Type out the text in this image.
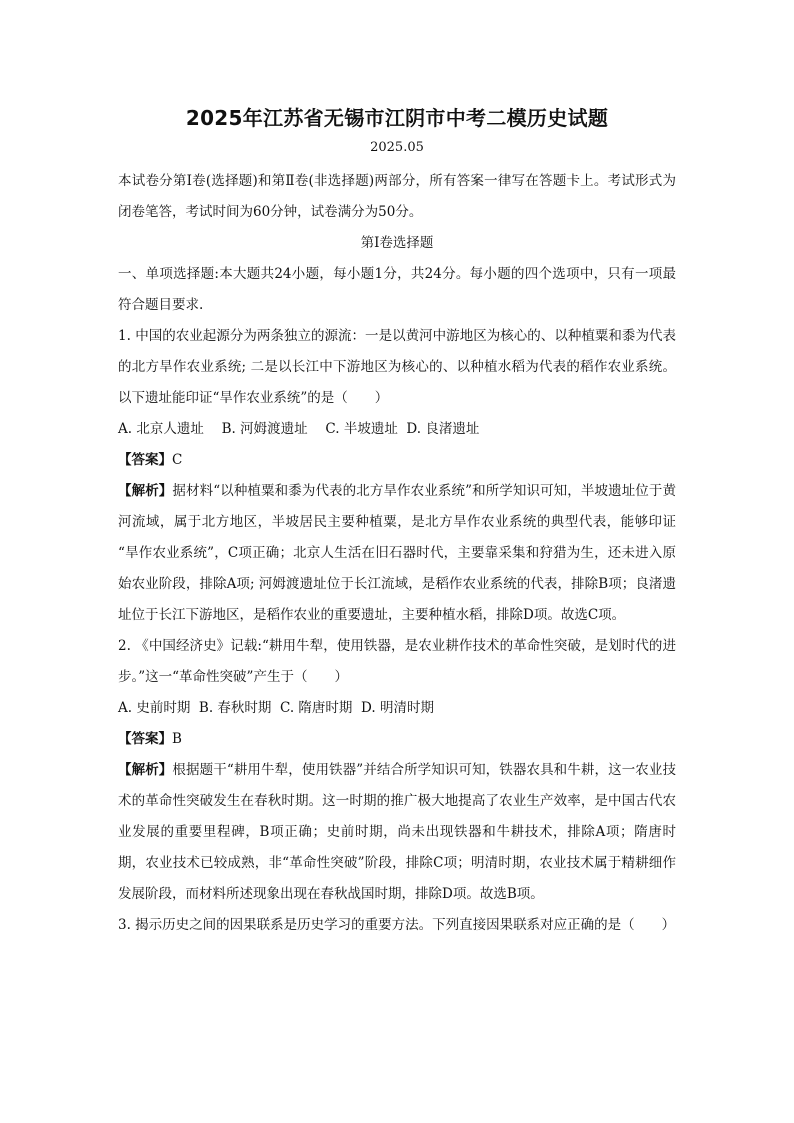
2025年江苏省无锡市江阴市中考二模历史试题
2025.05

本试卷分第Ⅰ卷(选择题)和第Ⅱ卷(非选择题)两部分，所有答案一律写在答题卡上。考试形式为闭卷笔答，考试时间为60分钟，试卷满分为50分。

第Ⅰ卷选择题

一、单项选择题:本大题共24小题，每小题1分，共24分。每小题的四个选项中，只有一项最符合题目要求.

1. 中国的农业起源分为两条独立的源流：一是以黄河中游地区为核心的、以种植粟和黍为代表的北方旱作农业系统; 二是以长江中下游地区为核心的、以种植水稻为代表的稻作农业系统。以下遗址能印证“旱作农业系统”的是（　　）

A. 北京人遗址　 B. 河姆渡遗址　 C. 半坡遗址  D. 良渚遗址

【答案】C

【解析】据材料“以种植粟和黍为代表的北方旱作农业系统”和所学知识可知，半坡遗址位于黄河流域，属于北方地区，半坡居民主要种植粟，是北方旱作农业系统的典型代表，能够印证 “旱作农业系统”，C项正确；北京人生活在旧石器时代，主要靠采集和狩猎为生，还未进入原始农业阶段，排除A项; 河姆渡遗址位于长江流域，是稻作农业系统的代表，排除B项；良渚遗址位于长江下游地区，是稻作农业的重要遗址，主要种植水稻，排除D项。故选C项。

2. 《中国经济史》记载:“耕用牛犁，使用铁器，是农业耕作技术的革命性突破，是划时代的进步。”这一“革命性突破”产生于（　　）

A. 史前时期  B. 春秋时期  C. 隋唐时期  D. 明清时期

【答案】B

【解析】根据题干“耕用牛犁，使用铁器”并结合所学知识可知，铁器农具和牛耕，这一农业技术的革命性突破发生在春秋时期。这一时期的推广极大地提高了农业生产效率，是中国古代农业发展的重要里程碑，B项正确；史前时期，尚未出现铁器和牛耕技术，排除A项；隋唐时期，农业技术已较成熟，非“革命性突破”阶段，排除C项；明清时期，农业技术属于精耕细作发展阶段，而材料所述现象出现在春秋战国时期，排除D项。故选B项。

3. 揭示历史之间的因果联系是历史学习的重要方法。下列直接因果联系对应正确的是（　　）
